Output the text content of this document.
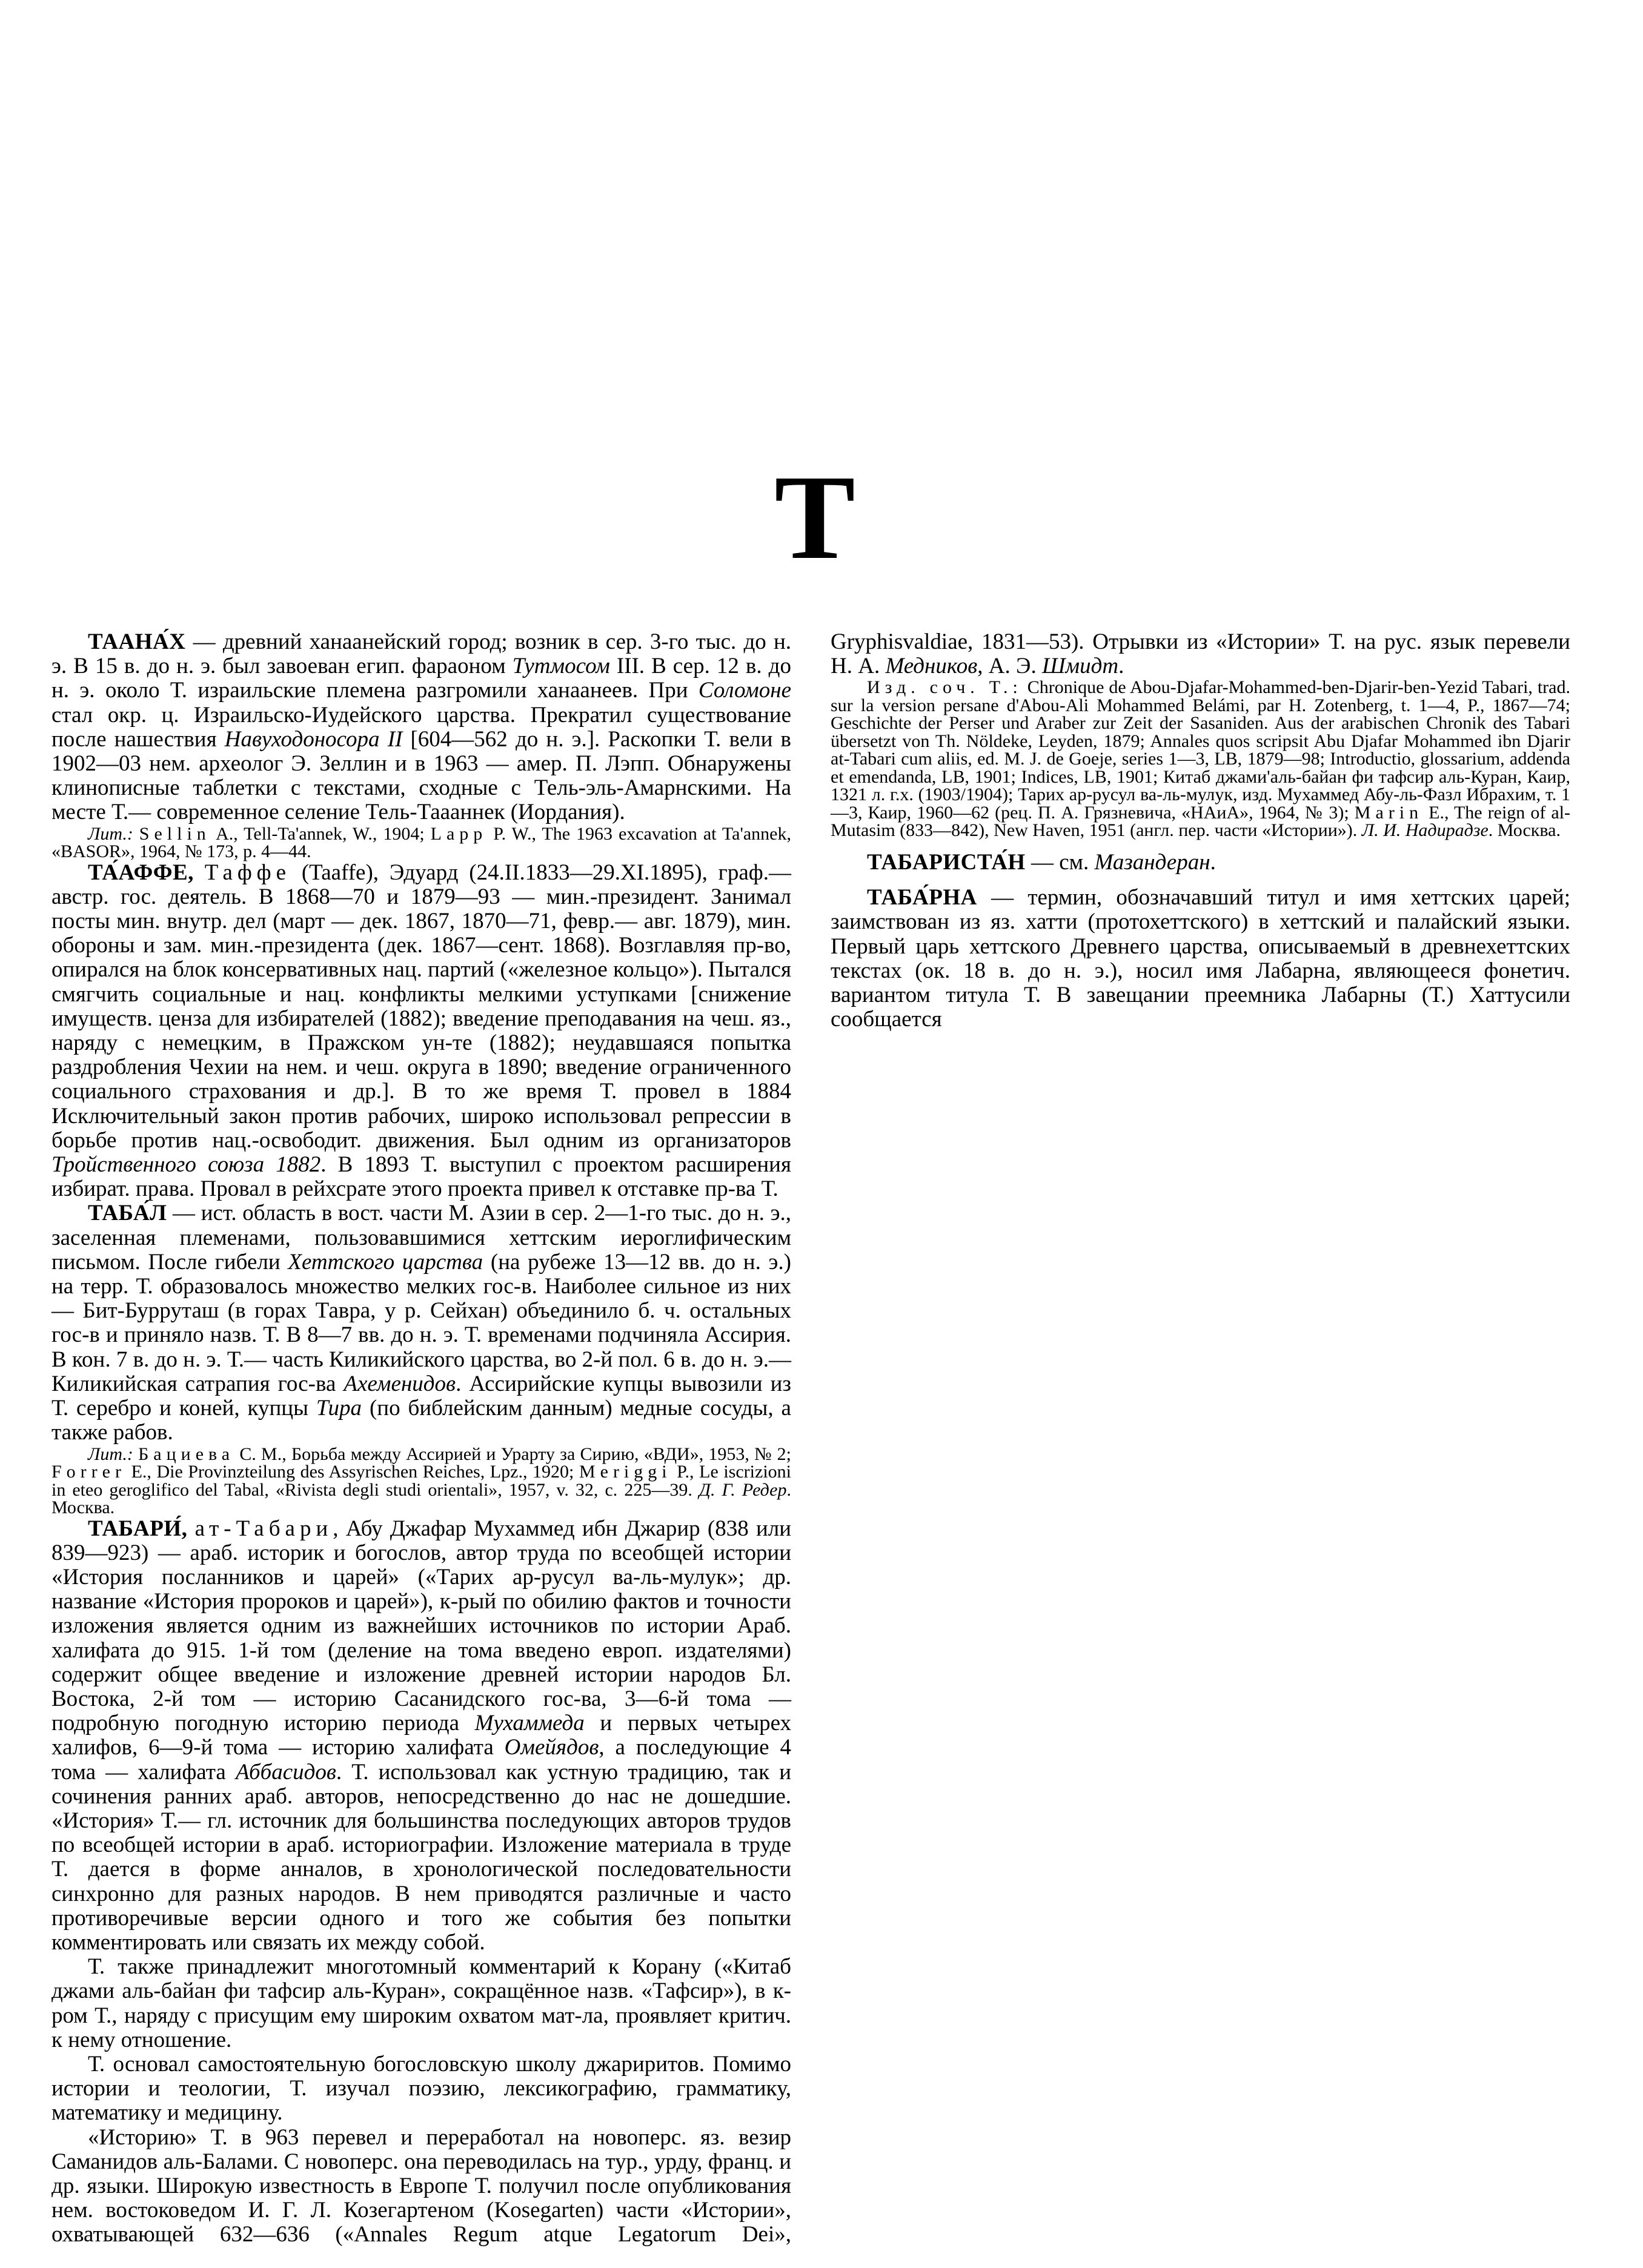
Т

ТААНА́Х — древний ханаанейский город; возник в сер. 3-го тыс. до н. э. В 15 в. до н. э. был завоеван егип. фараоном Туmмосом III. В сер. 12 в. до н. э. около Т. израильские племена разгромили ханаанеев. При Соломоне стал окр. ц. Израильско-Иудейского царства. Прекратил существование после нашествия Навуходоносора II [604—562 до н. э.]. Раскопки Т. вели в 1902—03 нем. археолог Э. Зеллин и в 1963 — амер. П. Лэпп. Обнаружены клинописные таблетки с текстами, сходные с Тель-эль-Амарнскими. На месте Т.— современное селение Тель-Таааннек (Иордания).

Лит.: Sellin A., Tell-Ta'annek, W., 1904; Lapp P. W., The 1963 excavation at Ta'annek, «BASOR», 1964, № 173, p. 4—44.

ТА́АФФЕ, Таффе (Taaffe), Эдуард (24.II.1833—29.XI.1895), граф.— австр. гос. деятель. В 1868—70 и 1879—93 — мин.-президент. Занимал посты мин. внутр. дел (март — дек. 1867, 1870—71, февр.— авг. 1879), мин. обороны и зам. мин.-президента (дек. 1867—сент. 1868). Возглавляя пр-во, опирался на блок консервативных нац. партий («железное кольцо»). Пытался смягчить социальные и нац. конфликты мелкими уступками [снижение имуществ. ценза для избирателей (1882); введение преподавания на чеш. яз., наряду с немецким, в Пражском ун-те (1882); неудавшаяся попытка раздробления Чехии на нем. и чеш. округа в 1890; введение ограниченного социального страхования и др.]. В то же время Т. провел в 1884 Исключительный закон против рабочих, широко использовал репрессии в борьбе против нац.-освободит. движения. Был одним из организаторов Тройственного союза 1882. В 1893 Т. выступил с проектом расширения избират. права. Провал в рейхсрате этого проекта привел к отставке пр-ва Т.

ТАБА́Л — ист. область в вост. части М. Азии в сер. 2—1-го тыс. до н. э., заселенная племенами, пользовавшимися хеттским иероглифическим письмом. После гибели Хеттского царства (на рубеже 13—12 вв. до н. э.) на терр. Т. образовалось множество мелких гос-в. Наиболее сильное из них — Бит-Бурруташ (в горах Тавра, у р. Сейхан) объединило б. ч. остальных гос-в и приняло назв. Т. В 8—7 вв. до н. э. Т. временами подчиняла Ассирия. В кон. 7 в. до н. э. Т.— часть Киликийского царства, во 2-й пол. 6 в. до н. э.— Киликийская сатрапия гос-ва Ахеменидов. Ассирийские купцы вывозили из Т. серебро и коней, купцы Тира (по библейским данным) медные сосуды, а также рабов.

Лит.: Бациева С. М., Борьба между Ассирией и Урарту за Сирию, «ВДИ», 1953, № 2; Forrer E., Die Provinzteilung des Assyrischen Reiches, Lpz., 1920; Meriggi P., Le iscrizioni in eteo geroglifico del Tabal, «Rivista degli studi orientali», 1957, v. 32, c. 225—39. Д. Г. Редер. Москва.

ТАБАРИ́, ат-Табари, Абу Джафар Мухаммед ибн Джарир (838 или 839—923) — араб. историк и богослов, автор труда по всеобщей истории «История посланников и царей» («Тарих ар-русул ва-ль-мулук»; др. название «История пророков и царей»), к-рый по обилию фактов и точности изложения является одним из важнейших источников по истории Араб. халифата до 915. 1-й том (деление на тома введено европ. издателями) содержит общее введение и изложение древней истории народов Бл. Востока, 2-й том — историю Сасанидского гос-ва, 3—6-й тома — подробную погодную историю периода Мухаммеда и первых четырех халифов, 6—9-й тома — историю халифата Омейядов, а последующие 4 тома — халифата Аббасидов. Т. использовал как устную традицию, так и сочинения ранних араб. авторов, непосредственно до нас не дошедшие. «История» Т.— гл. источник для большинства последующих авторов трудов по всеобщей истории в араб. историографии. Изложение материала в труде Т. дается в форме анналов, в хронологической последовательности синхронно для разных народов. В нем приводятся различные и часто противоречивые версии одного и того же события без попытки комментировать или связать их между собой.

Т. также принадлежит многотомный комментарий к Корану («Китаб джами аль-байан фи тафсир аль-Куран», сокращённое назв. «Тафсир»), в к-ром Т., наряду с присущим ему широким охватом мат-ла, проявляет критич. к нему отношение.

Т. основал самостоятельную богословскую школу джариритов. Помимо истории и теологии, Т. изучал поэзию, лексикографию, грамматику, математику и медицину.

«Историю» Т. в 963 перевел и переработал на новоперс. яз. везир Саманидов аль-Балами. С новоперс. она переводилась на тур., урду, франц. и др. языки. Широкую известность в Европе Т. получил после опубликования нем. востоковедом И. Г. Л. Козегартеном (Kosegarten) части «Истории», охватывающей 632—636 («Annales Regum atque Legatorum Dei», Gryphisvaldiae, 1831—53). Отрывки из «Истории» Т. на рус. язык перевели Н. А. Медников, А. Э. Шмидт.

Изд. соч. Т.: Chronique de Abou-Djafar-Mohammed-ben-Djarir-ben-Yezid Tabari, trad. sur la version persane d'Abou-Ali Mohammed Belámi, par H. Zotenberg, t. 1—4, P., 1867—74; Geschichte der Perser und Araber zur Zeit der Sasaniden. Aus der arabischen Chronik des Tabari übersetzt von Th. Nöldeke, Leyden, 1879; Annales quos scripsit Abu Djafar Mohammed ibn Djarir at-Tabari cum aliis, ed. M. J. de Goeje, series 1—3, LB, 1879—98; Introductio, glossarium, addenda et emendanda, LB, 1901; Indices, LB, 1901; Китаб джами'аль-байан фи тафсир аль-Куран, Каир, 1321 л. г.х. (1903/1904); Тарих ар-русул ва-ль-мулук, изд. Мухаммед Абу-ль-Фазл Ибрахим, т. 1—3, Каир, 1960—62 (рец. П. А. Грязневича, «НАиА», 1964, № 3); Marin E., The reign of al-Mutasim (833—842), New Haven, 1951 (англ. пер. части «Истории»). Л. И. Надирадзе. Москва.

ТАБАРИСТА́Н — см. Мазандеран.

ТАБА́РНА — термин, обозначавший титул и имя хеттских царей; заимствован из яз. хатти (протохеттского) в хеттский и палайский языки. Первый царь хеттского Древнего царства, описываемый в древнехеттских текстах (ок. 18 в. до н. э.), носил имя Лабарна, являющееся фонетич. вариантом титула Т. В завещании преемника Лабарны (Т.) Хаттусили сообщается
